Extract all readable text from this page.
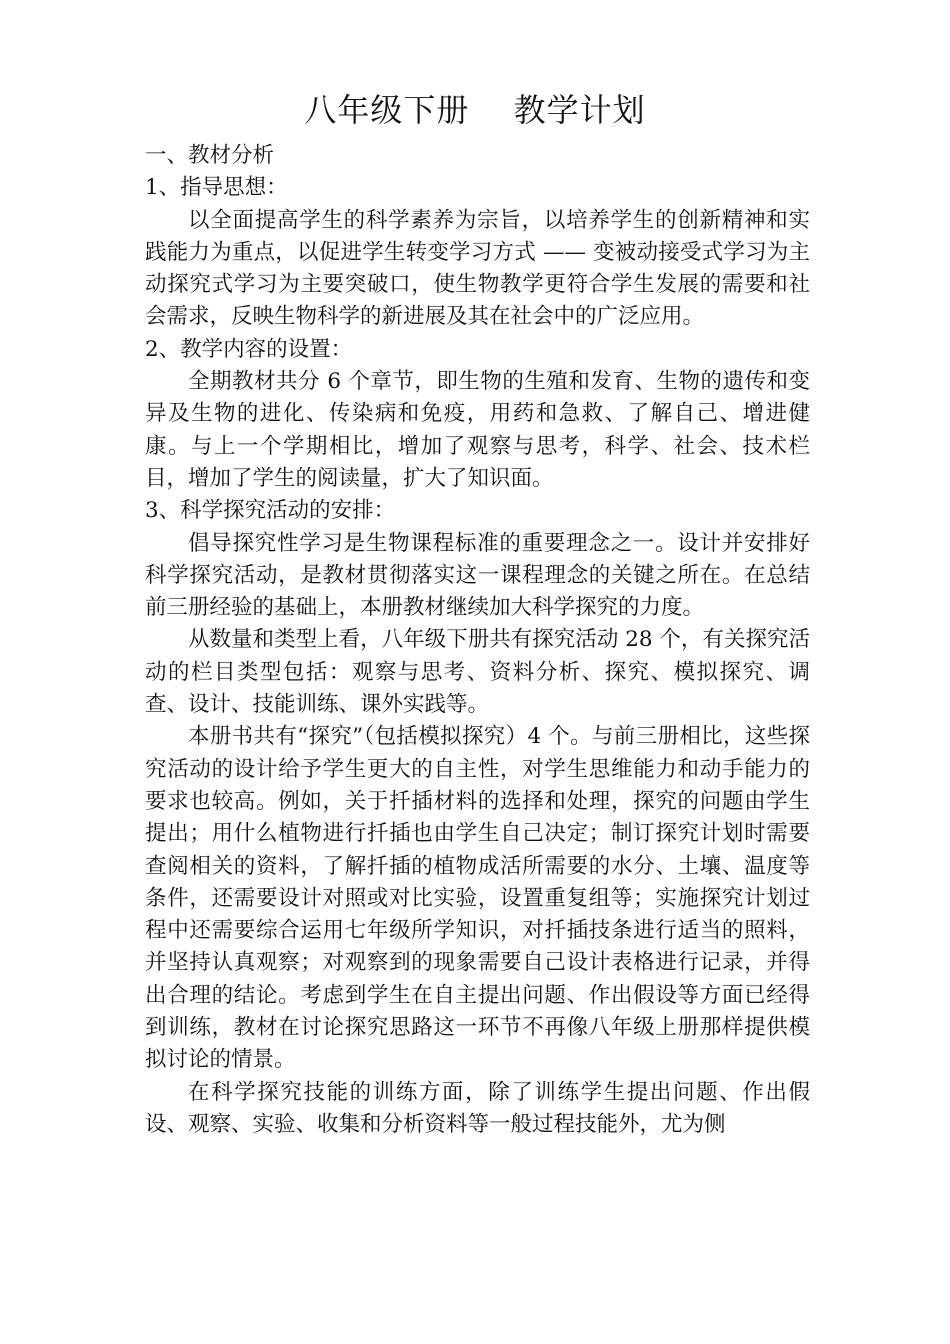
八年级下册　 教学计划

一、教材分析

1、指导思想：

以全面提高学生的科学素养为宗旨，以培养学生的创新精神和实践能力为重点，以促进学生转变学习方式 —— 变被动接受式学习为主动探究式学习为主要突破口，使生物教学更符合学生发展的需要和社会需求，反映生物科学的新进展及其在社会中的广泛应用。

2、教学内容的设置：

全期教材共分 6 个章节，即生物的生殖和发育、生物的遗传和变异及生物的进化、传染病和免疫，用药和急救、了解自己、增进健康。与上一个学期相比，增加了观察与思考，科学、社会、技术栏目，增加了学生的阅读量，扩大了知识面。

3、科学探究活动的安排：

倡导探究性学习是生物课程标准的重要理念之一。设计并安排好科学探究活动，是教材贯彻落实这一课程理念的关键之所在。在总结前三册经验的基础上，本册教材继续加大科学探究的力度。

从数量和类型上看，八年级下册共有探究活动 28 个，有关探究活动的栏目类型包括：观察与思考、资料分析、探究、模拟探究、调查、设计、技能训练、课外实践等。

本册书共有“探究”（包括模拟探究）4 个。与前三册相比，这些探究活动的设计给予学生更大的自主性，对学生思维能力和动手能力的要求也较高。例如，关于扦插材料的选择和处理，探究的问题由学生提出；用什么植物进行扦插也由学生自己决定；制订探究计划时需要查阅相关的资料，了解扦插的植物成活所需要的水分、土壤、温度等条件，还需要设计对照或对比实验，设置重复组等；实施探究计划过程中还需要综合运用七年级所学知识，对扦插技条进行适当的照料，并坚持认真观察；对观察到的现象需要自己设计表格进行记录，并得出合理的结论。考虑到学生在自主提出问题、作出假设等方面已经得到训练，教材在讨论探究思路这一环节不再像八年级上册那样提供模拟讨论的情景。

在科学探究技能的训练方面，除了训练学生提出问题、作出假设、观察、实验、收集和分析资料等一般过程技能外，尤为侧
